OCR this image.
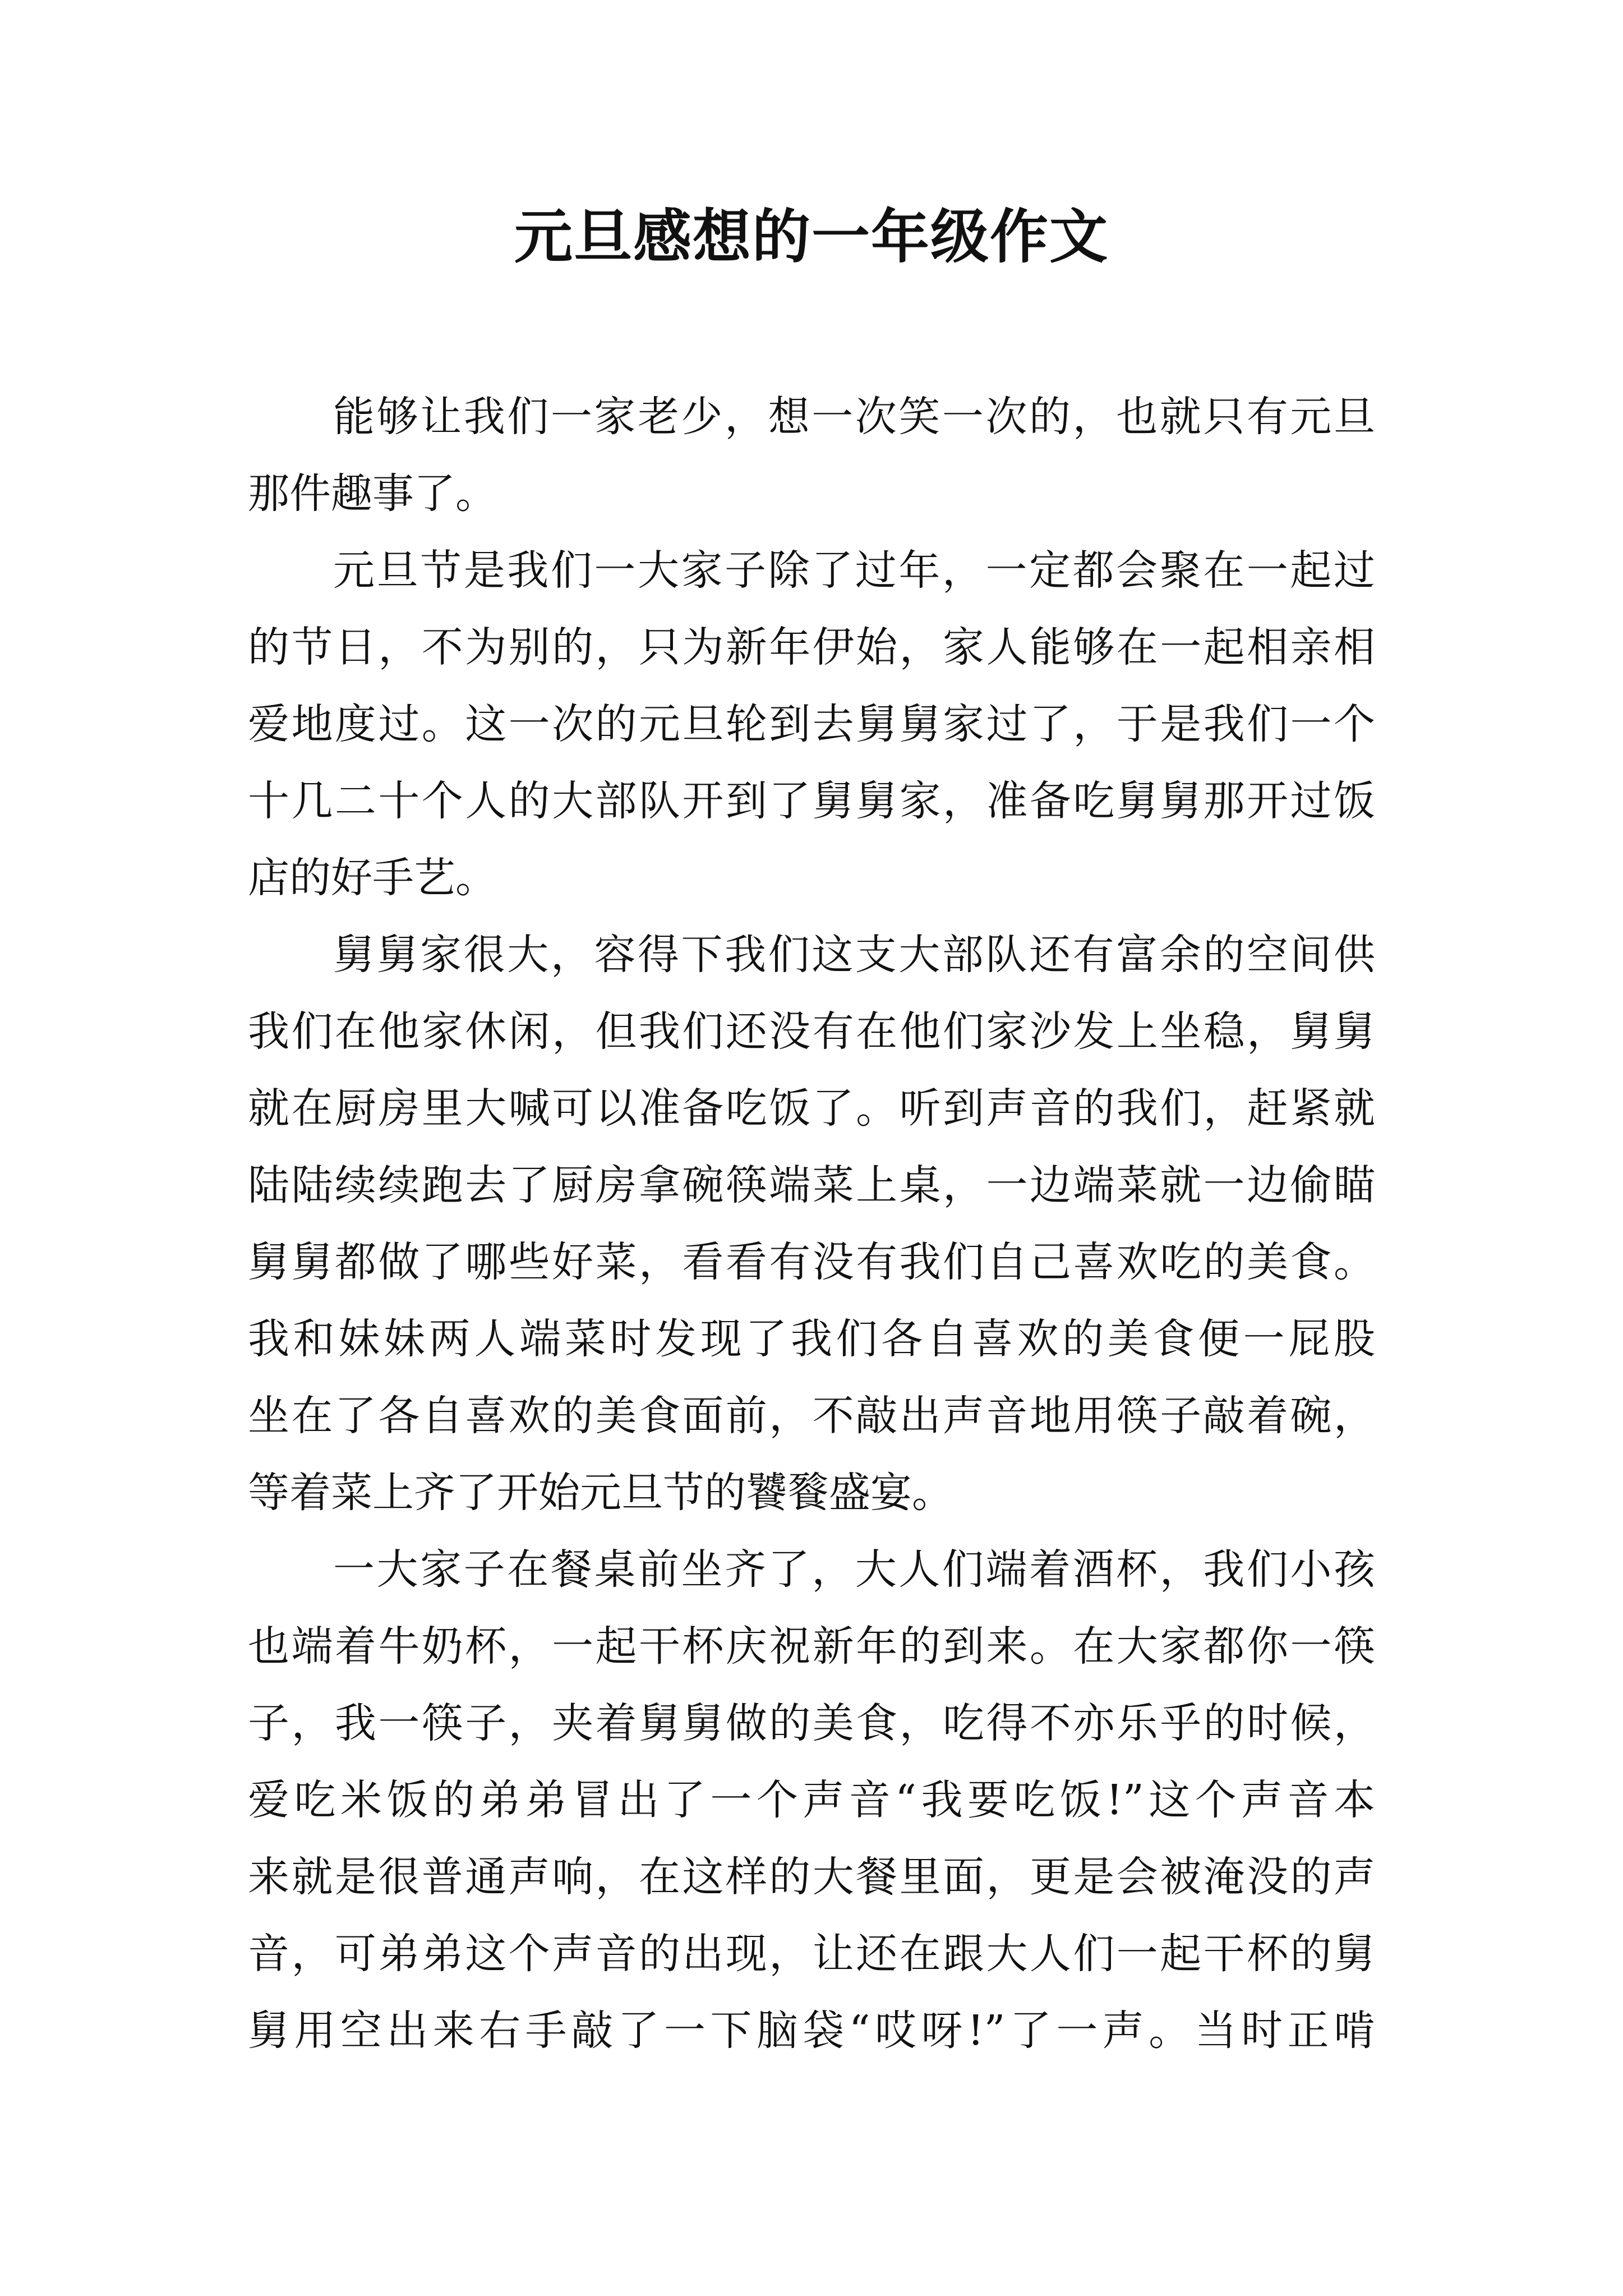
元旦感想的一年级作文
能够让我们一家老少，想一次笑一次的，也就只有元旦
那件趣事了。
元旦节是我们一大家子除了过年，一定都会聚在一起过
的节日，不为别的，只为新年伊始，家人能够在一起相亲相
爱地度过。这一次的元旦轮到去舅舅家过了，于是我们一个
十几二十个人的大部队开到了舅舅家，准备吃舅舅那开过饭
店的好手艺。
舅舅家很大，容得下我们这支大部队还有富余的空间供
我们在他家休闲，但我们还没有在他们家沙发上坐稳，舅舅
就在厨房里大喊可以准备吃饭了。听到声音的我们，赶紧就
陆陆续续跑去了厨房拿碗筷端菜上桌，一边端菜就一边偷瞄
舅舅都做了哪些好菜，看看有没有我们自己喜欢吃的美食。
我和妹妹两人端菜时发现了我们各自喜欢的美食便一屁股
坐在了各自喜欢的美食面前，不敲出声音地用筷子敲着碗，
等着菜上齐了开始元旦节的饕餮盛宴。
一大家子在餐桌前坐齐了，大人们端着酒杯，我们小孩
也端着牛奶杯，一起干杯庆祝新年的到来。在大家都你一筷
子，我一筷子，夹着舅舅做的美食，吃得不亦乐乎的时候，
爱吃米饭的弟弟冒出了一个声音“我要吃饭!”这个声音本
来就是很普通声响，在这样的大餐里面，更是会被淹没的声
音，可弟弟这个声音的出现，让还在跟大人们一起干杯的舅
舅用空出来右手敲了一下脑袋“哎呀!”了一声。当时正啃
